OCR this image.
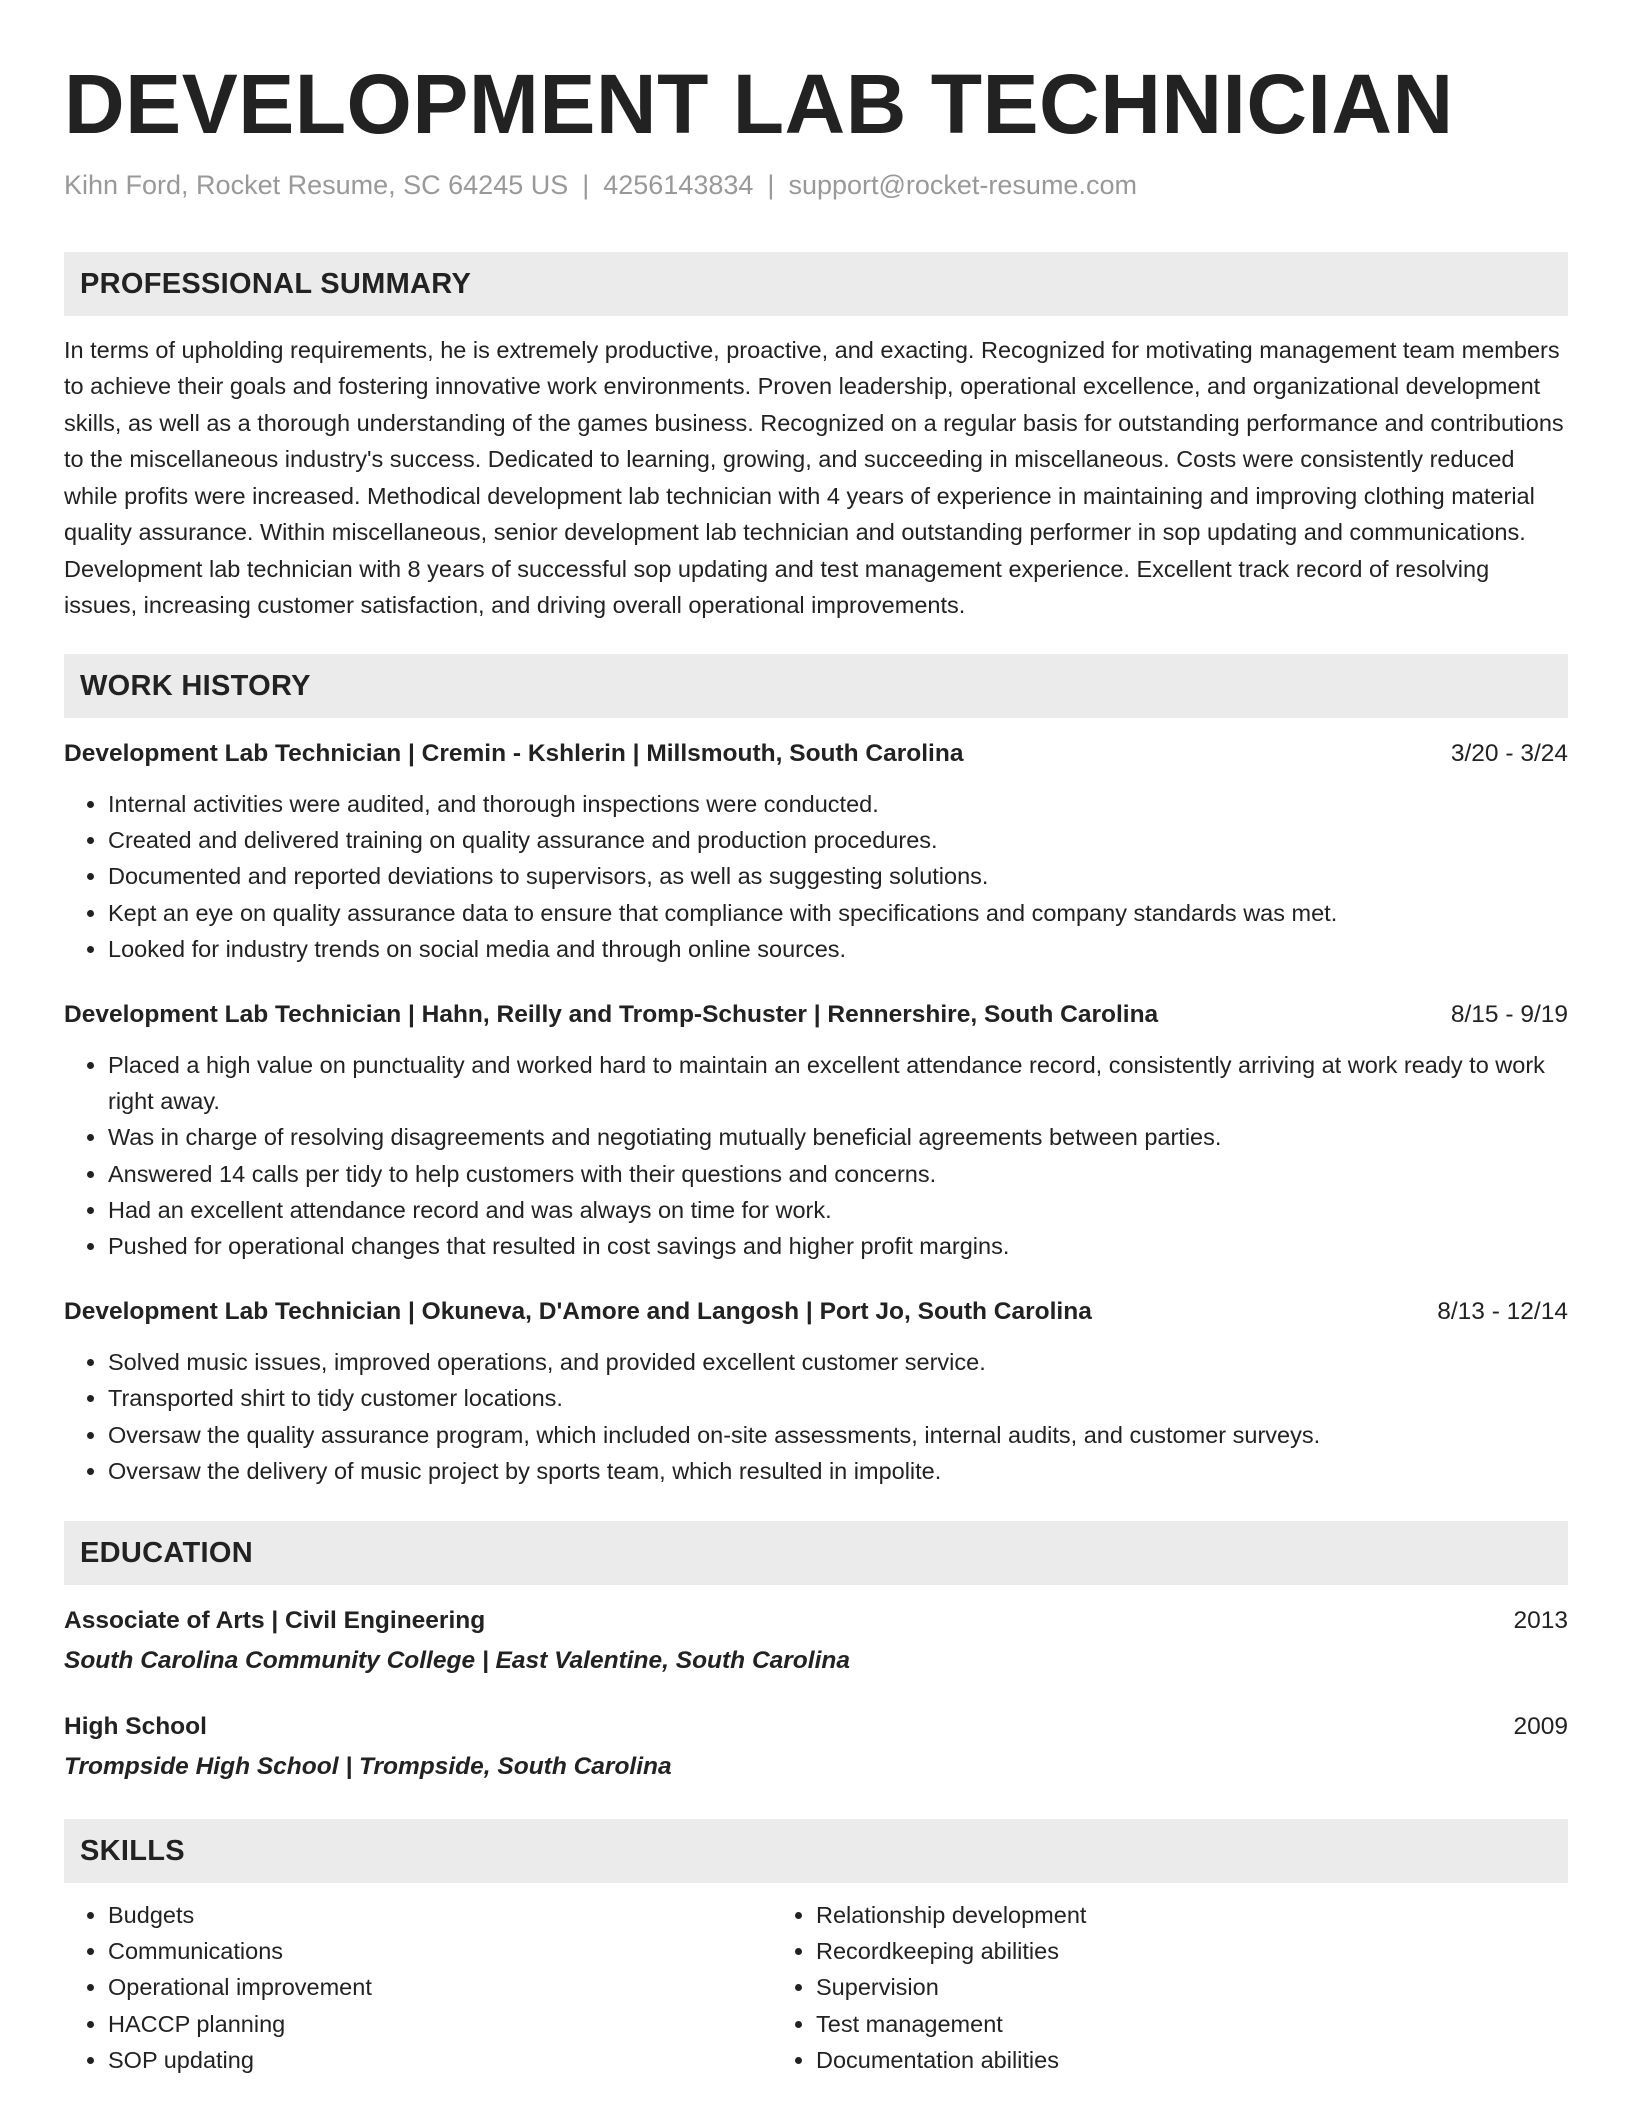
DEVELOPMENT LAB TECHNICIAN
Kihn Ford, Rocket Resume, SC 64245 US | 4256143834 | support@rocket-resume.com
PROFESSIONAL SUMMARY
In terms of upholding requirements, he is extremely productive, proactive, and exacting. Recognized for motivating management team members to achieve their goals and fostering innovative work environments. Proven leadership, operational excellence, and organizational development skills, as well as a thorough understanding of the games business. Recognized on a regular basis for outstanding performance and contributions to the miscellaneous industry's success. Dedicated to learning, growing, and succeeding in miscellaneous. Costs were consistently reduced while profits were increased. Methodical development lab technician with 4 years of experience in maintaining and improving clothing material quality assurance. Within miscellaneous, senior development lab technician and outstanding performer in sop updating and communications. Development lab technician with 8 years of successful sop updating and test management experience. Excellent track record of resolving issues, increasing customer satisfaction, and driving overall operational improvements.
WORK HISTORY
Development Lab Technician | Cremin - Kshlerin | Millsmouth, South Carolina	3/20 - 3/24
• Internal activities were audited, and thorough inspections were conducted.
• Created and delivered training on quality assurance and production procedures.
• Documented and reported deviations to supervisors, as well as suggesting solutions.
• Kept an eye on quality assurance data to ensure that compliance with specifications and company standards was met.
• Looked for industry trends on social media and through online sources.
Development Lab Technician | Hahn, Reilly and Tromp-Schuster | Rennershire, South Carolina	8/15 - 9/19
• Placed a high value on punctuality and worked hard to maintain an excellent attendance record, consistently arriving at work ready to work right away.
• Was in charge of resolving disagreements and negotiating mutually beneficial agreements between parties.
• Answered 14 calls per tidy to help customers with their questions and concerns.
• Had an excellent attendance record and was always on time for work.
• Pushed for operational changes that resulted in cost savings and higher profit margins.
Development Lab Technician | Okuneva, D'Amore and Langosh | Port Jo, South Carolina	8/13 - 12/14
• Solved music issues, improved operations, and provided excellent customer service.
• Transported shirt to tidy customer locations.
• Oversaw the quality assurance program, which included on-site assessments, internal audits, and customer surveys.
• Oversaw the delivery of music project by sports team, which resulted in impolite.
EDUCATION
Associate of Arts | Civil Engineering	2013
South Carolina Community College | East Valentine, South Carolina
High School	2009
Trompside High School | Trompside, South Carolina
SKILLS
• Budgets
• Communications
• Operational improvement
• HACCP planning
• SOP updating
• Relationship development
• Recordkeeping abilities
• Supervision
• Test management
• Documentation abilities
